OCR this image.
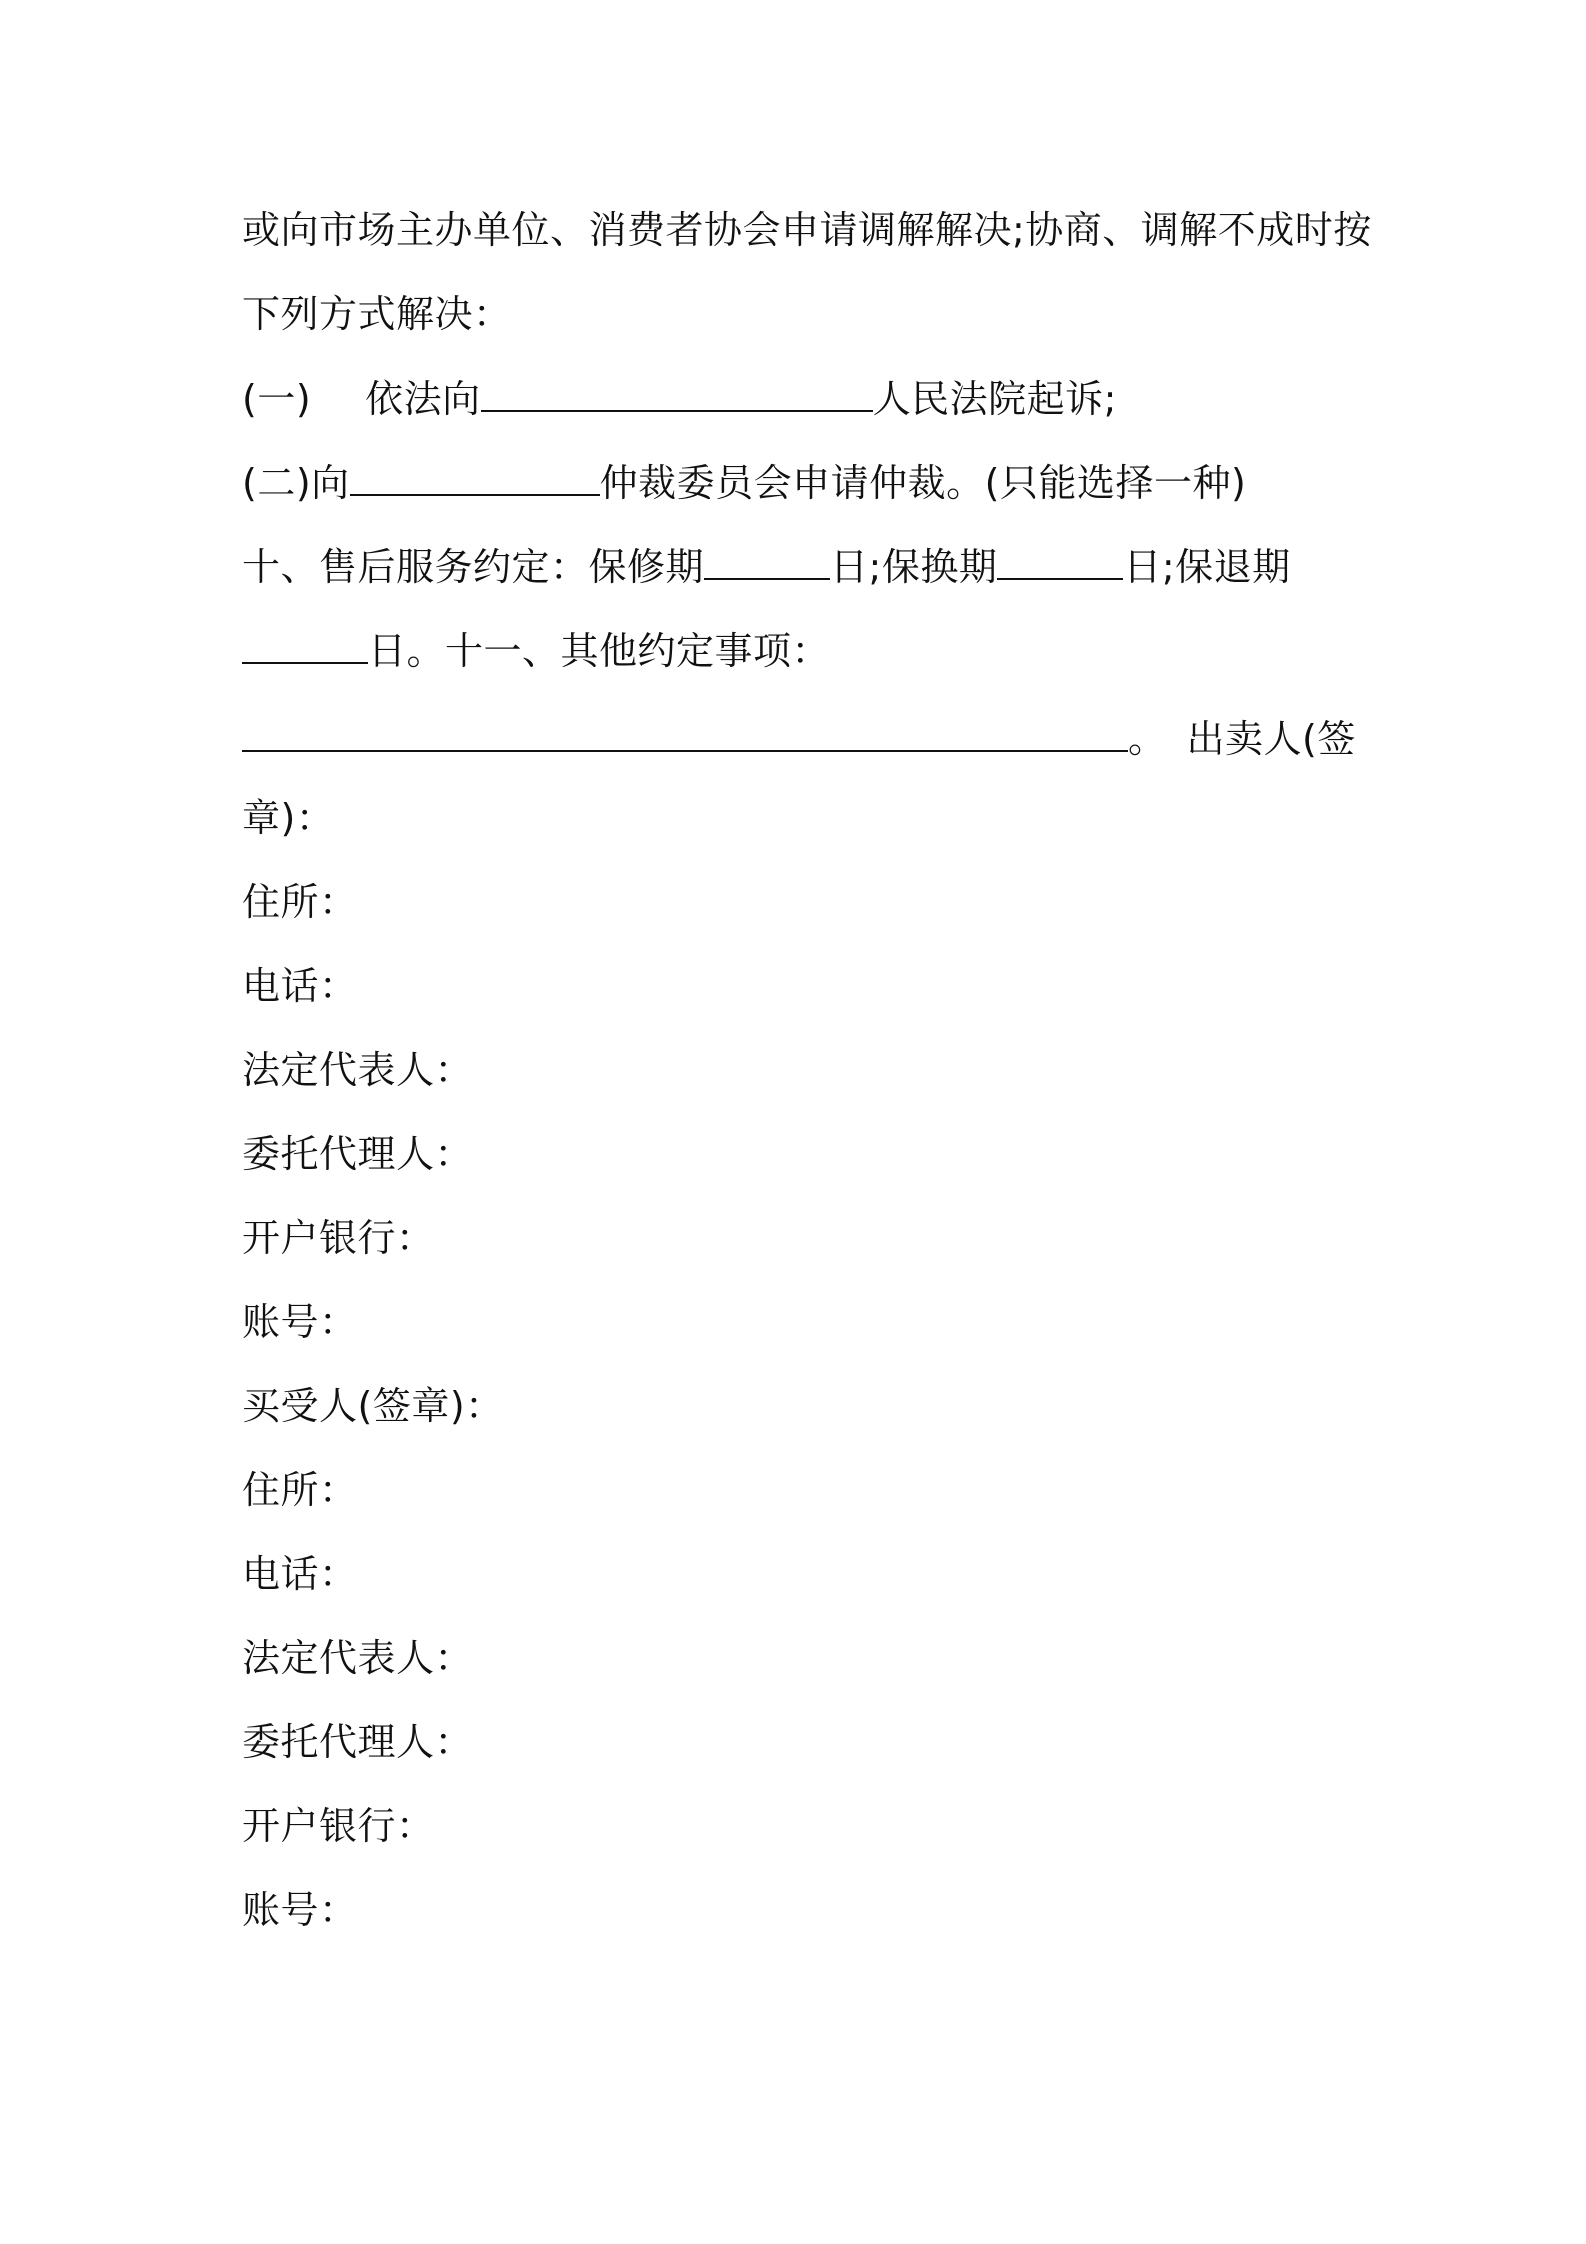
或向市场主办单位、消费者协会申请调解解决;协商、调解不成时按
下列方式解决：
(一) 依法向	人民法院起诉;
(二)向	仲裁委员会申请仲裁。(只能选择一种)
十、售后服务约定：保修期	日;保换期	日;保退期
日。十一、其他约定事项：
。 出卖人(签
章)：
住所：
电话：
法定代表人：
委托代理人：
开户银行：
账号：
买受人(签章)：
住所：
电话：
法定代表人：
委托代理人：
开户银行：
账号：
